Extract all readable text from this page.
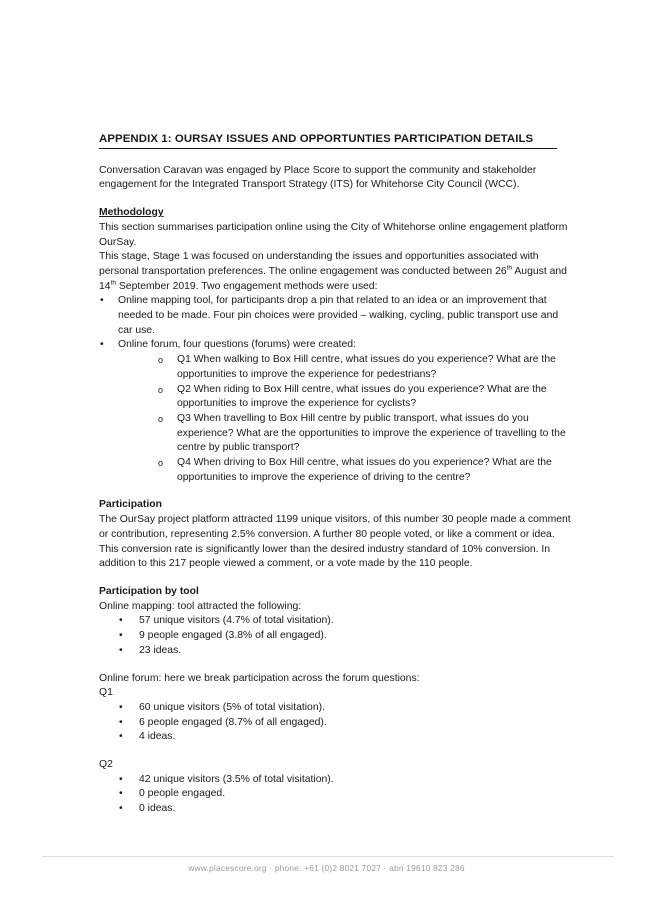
APPENDIX 1: OURSAY ISSUES AND OPPORTUNTIES PARTICIPATION DETAILS

Conversation Caravan was engaged by Place Score to support the community and stakeholder engagement for the Integrated Transport Strategy (ITS) for Whitehorse City Council (WCC).

Methodology

This section summarises participation online using the City of Whitehorse online engagement platform OurSay.

This stage, Stage 1 was focused on understanding the issues and opportunities associated with personal transportation preferences. The online engagement was conducted between 26th August and 14th September 2019. Two engagement methods were used:

• Online mapping tool, for participants drop a pin that related to an idea or an improvement that needed to be made. Four pin choices were provided – walking, cycling, public transport use and car use.
• Online forum, four questions (forums) were created:
o Q1 When walking to Box Hill centre, what issues do you experience? What are the opportunities to improve the experience for pedestrians?
o Q2 When riding to Box Hill centre, what issues do you experience? What are the opportunities to improve the experience for cyclists?
o Q3 When travelling to Box Hill centre by public transport, what issues do you experience? What are the opportunities to improve the experience of travelling to the centre by public transport?
o Q4 When driving to Box Hill centre, what issues do you experience? What are the opportunities to improve the experience of driving to the centre?

Participation

The OurSay project platform attracted 1199 unique visitors, of this number 30 people made a comment or contribution, representing 2.5% conversion. A further 80 people voted, or like a comment or idea. This conversion rate is significantly lower than the desired industry standard of 10% conversion. In addition to this 217 people viewed a comment, or a vote made by the 110 people.

Participation by tool

Online mapping: tool attracted the following:

• 57 unique visitors (4.7% of total visitation).
• 9 people engaged (3.8% of all engaged).
• 23 ideas.

Online forum: here we break participation across the forum questions:

Q1

• 60 unique visitors (5% of total visitation).
• 6 people engaged (8.7% of all engaged).
• 4 ideas.

Q2

• 42 unique visitors (3.5% of total visitation).
• 0 people engaged.
• 0 ideas.
www.placescore.org · phone: +61 (0)2 8021 7027 · abn 19610 823 286
